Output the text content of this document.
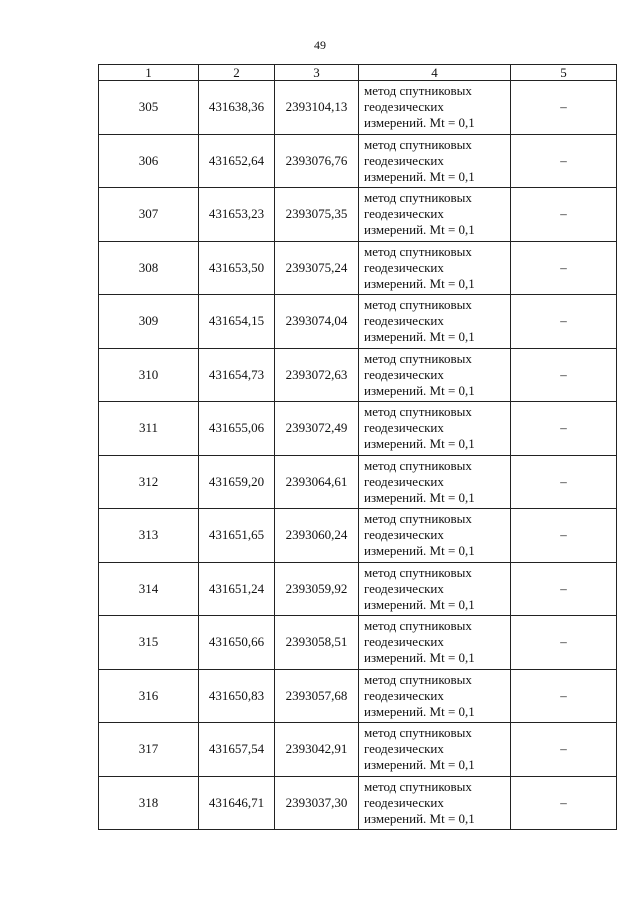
49
1	2	3	4	5
305	431638,36	2393104,13	метод спутниковых
геодезических
измерений. Mt = 0,1	–
306	431652,64	2393076,76	метод спутниковых
геодезических
измерений. Mt = 0,1	–
307	431653,23	2393075,35	метод спутниковых
геодезических
измерений. Mt = 0,1	–
308	431653,50	2393075,24	метод спутниковых
геодезических
измерений. Mt = 0,1	–
309	431654,15	2393074,04	метод спутниковых
геодезических
измерений. Mt = 0,1	–
310	431654,73	2393072,63	метод спутниковых
геодезических
измерений. Mt = 0,1	–
311	431655,06	2393072,49	метод спутниковых
геодезических
измерений. Mt = 0,1	–
312	431659,20	2393064,61	метод спутниковых
геодезических
измерений. Mt = 0,1	–
313	431651,65	2393060,24	метод спутниковых
геодезических
измерений. Mt = 0,1	–
314	431651,24	2393059,92	метод спутниковых
геодезических
измерений. Mt = 0,1	–
315	431650,66	2393058,51	метод спутниковых
геодезических
измерений. Mt = 0,1	–
316	431650,83	2393057,68	метод спутниковых
геодезических
измерений. Mt = 0,1	–
317	431657,54	2393042,91	метод спутниковых
геодезических
измерений. Mt = 0,1	–
318	431646,71	2393037,30	метод спутниковых
геодезических
измерений. Mt = 0,1	–
